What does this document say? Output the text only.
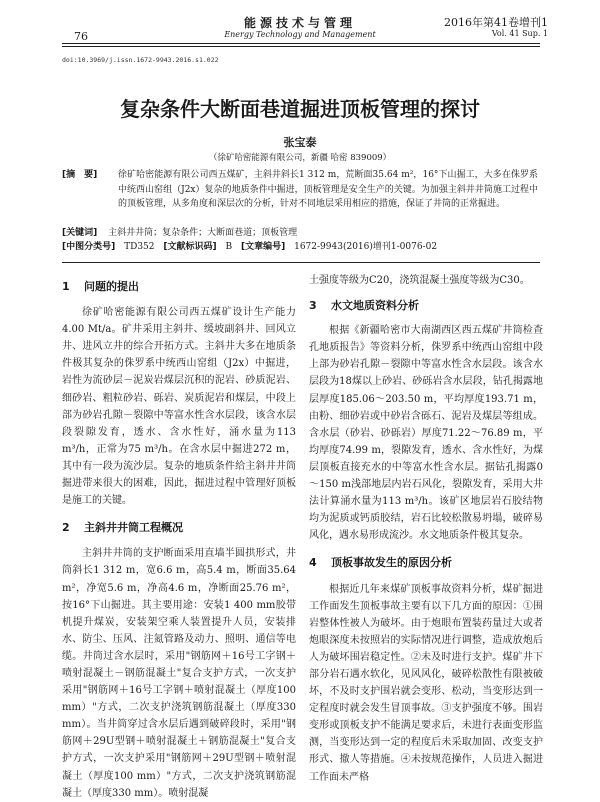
76
能源技术与管理
Energy Technology and Management
2016年第41卷增刊1
Vol. 41 Sup. 1
doi:10.3969/j.issn.1672-9943.2016.s1.022
复杂条件大断面巷道掘进顶板管理的探讨
张宝泰
（徐矿哈密能源有限公司，新疆 哈密 839009）
[摘　要] 徐矿哈密能源有限公司西五煤矿，主斜井斜长1 312 m，荒断面35.64 m²，16°下山掘工，大多在侏罗系中统西山窑组（J2x）复杂的地质条件中掘进，顶板管理是安全生产的关键。为加强主斜井井筒施工过程中的顶板管理，从多角度和深层次的分析，针对不同地层采用相应的措施，保证了井筒的正常掘进。
[关键词] 主斜井井筒；复杂条件；大断面巷道；顶板管理
[中图分类号] TD352 [文献标识码] B [文章编号] 1672-9943(2016)增刊1-0076-02
1 问题的提出

徐矿哈密能源有限公司西五煤矿设计生产能力4.00 Mt/a。矿井采用主斜井、缓坡副斜井、回风立井、进风立井的综合开拓方式。主斜井大多在地质条件极其复杂的侏罗系中统西山窑组（J2x）中掘进，岩性为流砂层－泥炭岩煤层沉积的泥岩、砂质泥岩、细砂岩、粗粒砂岩、砾岩、炭质泥岩和煤层，中段上部为砂岩孔隙－裂隙中等富水性含水层段，该含水层段裂隙发育，透水、含水性好，涌水量为113 m³/h，正常为75 m³/h。在含水层中掘进272 m，其中有一段为流沙层。复杂的地质条件给主斜井井筒掘进带来很大的困难，因此，掘进过程中管理好顶板是施工的关键。

2 主斜井井筒工程概况

主斜井井筒的支护断面采用直墙半圆拱形式，井筒斜长1 312 m，宽6.6 m，高5.4 m，断面35.64 m²，净宽5.6 m，净高4.6 m，净断面25.76 m²，按16°下山掘进。其主要用途：安装1 400 mm胶带机提升煤炭，安装架空乘人装置提升人员，安装排水、防尘、压风、注氮管路及动力、照明、通信等电缆。井筒过含水层时，采用"钢筋网＋16号工字钢＋喷射混凝土－钢筋混凝土"复合支护方式，一次支护采用"钢筋网＋16号工字钢＋喷射混凝土（厚度100 mm）"方式，二次支护浇筑钢筋混凝土（厚度330 mm）。当井筒穿过含水层后遇到破碎段时，采用"钢筋网＋29U型钢＋喷射混凝土＋钢筋混凝土"复合支护方式，一次支护采用"钢筋网＋29U型钢＋喷射混凝土（厚度100 mm）"方式，二次支护浇筑钢筋混凝土（厚度330 mm）。喷射混凝

土强度等级为C20，浇筑混凝土强度等级为C30。

3 水文地质资料分析

根据《新疆哈密市大南湖西区西五煤矿井筒检查孔地质报告》等资料分析，侏罗系中统西山窑组中段上部为砂岩孔隙－裂隙中等富水性含水层段。该含水层段为18煤以上砂岩、砂砾岩含水层段，钻孔揭露地层厚度185.06～203.50 m，平均厚度193.71 m，由粉、细砂岩或中砂岩含砾石、泥岩及煤层等组成。含水层（砂岩、砂砾岩）厚度71.22～76.89 m，平均厚度74.99 m，裂隙发育，透水、含水性好，为煤层顶板直接充水的中等富水性含水层。据钻孔揭露0～150 m浅部地层内岩石风化，裂隙发育，采用大井法计算涌水量为113 m³/h。该矿区地层岩石胶结物均为泥质或钙质胶结，岩石比较松散易坍塌，破碎易风化，遇水易形成流沙。水文地质条件极其复杂。

4 顶板事故发生的原因分析

根据近几年来煤矿顶板事故资料分析，煤矿掘进工作面发生顶板事故主要有以下几方面的原因：①围岩整体性被人为破坏。由于炮眼布置装药量过大或者炮眼深度未按照岩的实际情况进行调整，造成放炮后人为破坏围岩稳定性。②未及时进行支护。煤矿井下部分岩石遇水软化，见风风化，破碎松散性有限被破坏，不及时支护围岩就会变形、松动，当变形达到一定程度时就会发生冒顶事故。③支护强度不够。围岩变形或顶板支护不能满足要求后，未进行表面变形监测，当变形达到一定的程度后未采取加固、改变支护形式、撤人等措施。④未按规范操作，人员进入掘进工作面未严格
